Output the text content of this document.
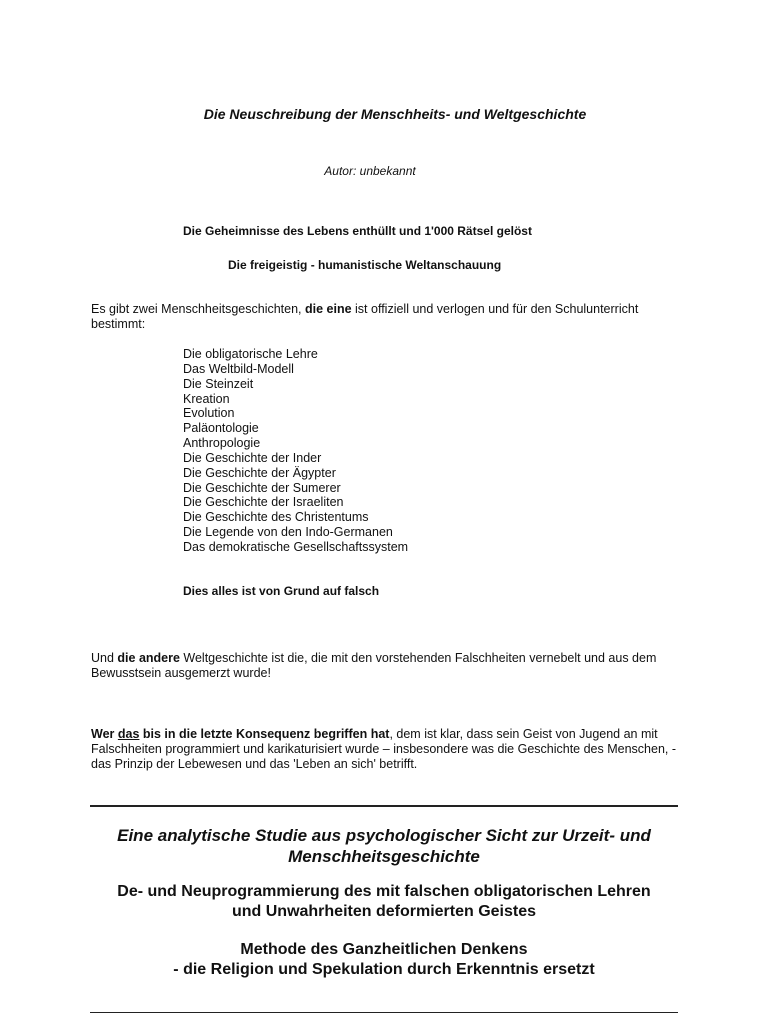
Die Neuschreibung der Menschheits- und Weltgeschichte
Autor: unbekannt
Die Geheimnisse des Lebens enthüllt und 1'000 Rätsel gelöst
Die freigeistig - humanistische Weltanschauung
Es gibt zwei Menschheitsgeschichten, die eine ist offiziell und verlogen und für den Schulunterricht bestimmt:
Die obligatorische Lehre
Das Weltbild-Modell
Die Steinzeit
Kreation
Evolution
Paläontologie
Anthropologie
Die Geschichte der Inder
Die Geschichte der Ägypter
Die Geschichte der Sumerer
Die Geschichte der Israeliten
Die Geschichte des Christentums
Die Legende von den Indo-Germanen
Das demokratische Gesellschaftssystem
Dies alles ist von Grund auf falsch
Und die andere Weltgeschichte ist die, die mit den vorstehenden Falschheiten vernebelt und aus dem Bewusstsein ausgemerzt wurde!
Wer das bis in die letzte Konsequenz begriffen hat, dem ist klar, dass sein Geist von Jugend an mit Falschheiten programmiert und karikaturisiert wurde – insbesondere was die Geschichte des Menschen, - das Prinzip der Lebewesen und das 'Leben an sich' betrifft.
Eine analytische Studie aus psychologischer Sicht zur Urzeit- und
Menschheitsgeschichte
De- und Neuprogrammierung des mit falschen obligatorischen Lehren
und Unwahrheiten deformierten Geistes
Methode des Ganzheitlichen Denkens
- die Religion und Spekulation durch Erkenntnis ersetzt
